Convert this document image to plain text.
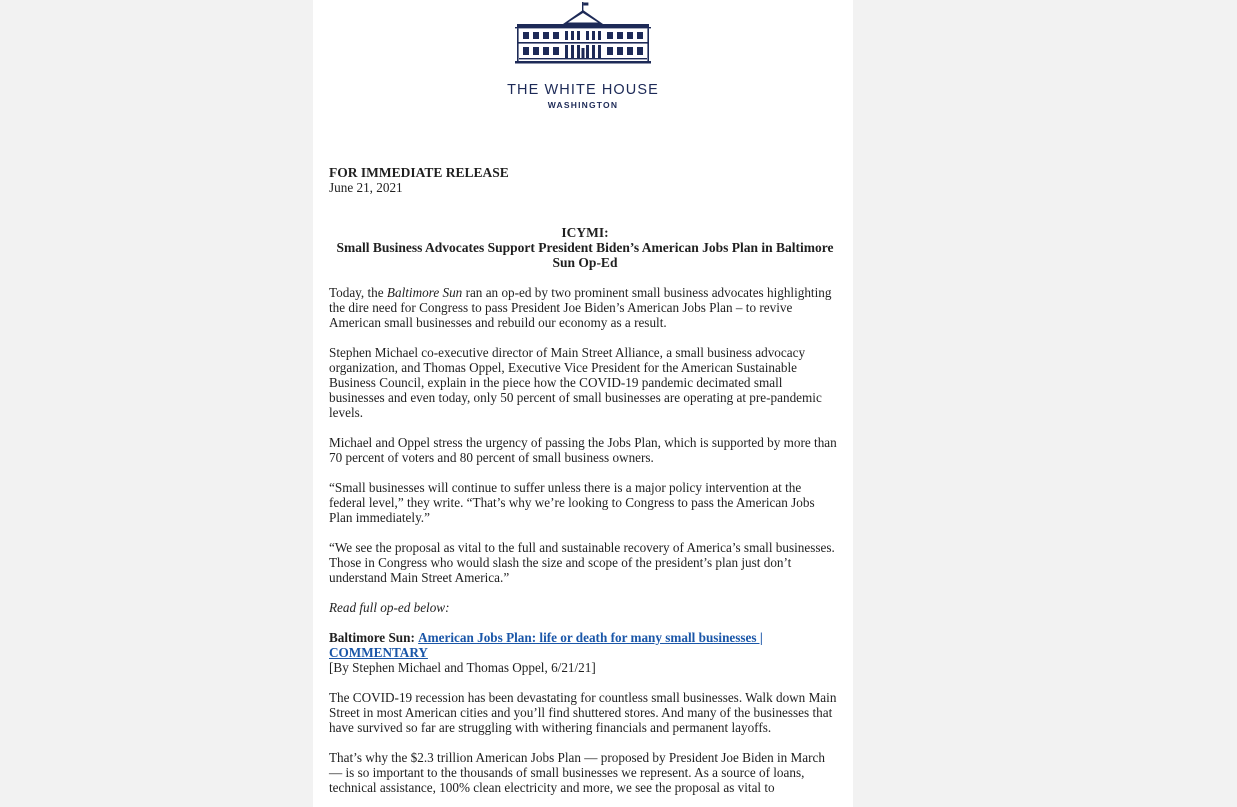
THE WHITE HOUSE
WASHINGTON
FOR IMMEDIATE RELEASE
June 21, 2021
ICYMI:
Small Business Advocates Support President Biden’s American Jobs Plan in Baltimore Sun Op-Ed

Today, the Baltimore Sun ran an op-ed by two prominent small business advocates highlighting the dire need for Congress to pass President Joe Biden’s American Jobs Plan – to revive American small businesses and rebuild our economy as a result.

Stephen Michael co-executive director of Main Street Alliance, a small business advocacy organization, and Thomas Oppel, Executive Vice President for the American Sustainable Business Council, explain in the piece how the COVID-19 pandemic decimated small businesses and even today, only 50 percent of small businesses are operating at pre-pandemic levels.

Michael and Oppel stress the urgency of passing the Jobs Plan, which is supported by more than 70 percent of voters and 80 percent of small business owners.

“Small businesses will continue to suffer unless there is a major policy intervention at the federal level,” they write. “That’s why we’re looking to Congress to pass the American Jobs Plan immediately.”

“We see the proposal as vital to the full and sustainable recovery of America’s small businesses. Those in Congress who would slash the size and scope of the president’s plan just don’t understand Main Street America.”

Read full op-ed below:

Baltimore Sun: American Jobs Plan: life or death for many small businesses | COMMENTARY
[By Stephen Michael and Thomas Oppel, 6/21/21]

The COVID-19 recession has been devastating for countless small businesses. Walk down Main Street in most American cities and you’ll find shuttered stores. And many of the businesses that have survived so far are struggling with withering financials and permanent layoffs.

That’s why the $2.3 trillion American Jobs Plan — proposed by President Joe Biden in March — is so important to the thousands of small businesses we represent. As a source of loans, technical assistance, 100% clean electricity and more, we see the proposal as vital to
